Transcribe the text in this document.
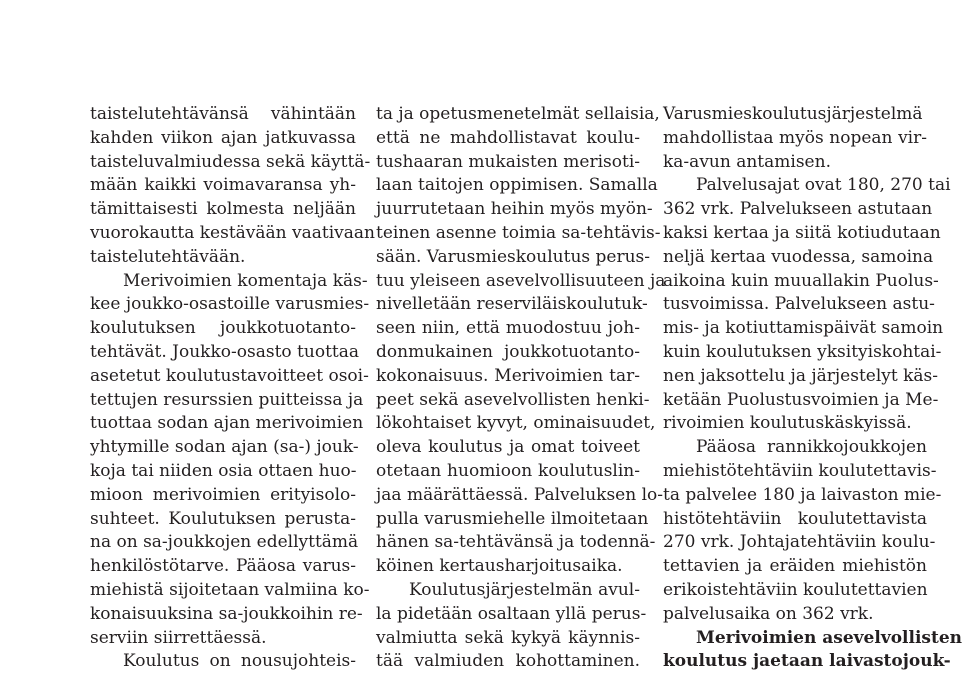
taistelutehtävänsä vähintään
kahden viikon ajan jatkuvassa
taisteluvalmiudessa sekä käyttä-
mään kaikki voimavaransa yh-
tämittaisesti kolmesta neljään
vuorokautta kestävään vaativaan
taistelutehtävään.
Merivoimien komentaja käs-
kee joukko-osastoille varusmies-
koulutuksen joukkotuotanto-
tehtävät. Joukko-osasto tuottaa
asetetut koulutustavoitteet osoi-
tettujen resurssien puitteissa ja
tuottaa sodan ajan merivoimien
yhtymille sodan ajan (sa-) jouk-
koja tai niiden osia ottaen huo-
mioon merivoimien erityisolo-
suhteet. Koulutuksen perusta-
na on sa-joukkojen edellyttämä
henkilöstötarve. Pääosa varus-
miehistä sijoitetaan valmiina ko-
konaisuuksina sa-joukkoihin re-
serviin siirrettäessä.
Koulutus on nousujohteis-
ta ja opetusmenetelmät sellaisia,
että ne mahdollistavat koulu-
tushaaran mukaisten merisoti-
laan taitojen oppimisen. Samalla
juurrutetaan heihin myös myön-
teinen asenne toimia sa-tehtävis-
sään. Varusmieskoulutus perus-
tuu yleiseen asevelvollisuuteen ja
nivelletään reserviläiskoulutuk-
seen niin, että muodostuu joh-
donmukainen joukkotuotanto-
kokonaisuus. Merivoimien tar-
peet sekä asevelvollisten henki-
lökohtaiset kyvyt, ominaisuudet,
oleva koulutus ja omat toiveet
otetaan huomioon koulutuslin-
jaa määrättäessä. Palveluksen lo-
pulla varusmiehelle ilmoitetaan
hänen sa-tehtävänsä ja todennä-
köinen kertausharjoitusaika.
Koulutusjärjestelmän avul-
la pidetään osaltaan yllä perus-
valmiutta sekä kykyä käynnis-
tää valmiuden kohottaminen.
Varusmieskoulutusjärjestelmä
mahdollistaa myös nopean vir-
ka-avun antamisen.
Palvelusajat ovat 180, 270 tai
362 vrk. Palvelukseen astutaan
kaksi kertaa ja siitä kotiudutaan
neljä kertaa vuodessa, samoina
aikoina kuin muuallakin Puolus-
tusvoimissa. Palvelukseen astu-
mis- ja kotiuttamispäivät samoin
kuin koulutuksen yksityiskohtai-
nen jaksottelu ja järjestelyt käs-
ketään Puolustusvoimien ja Me-
rivoimien koulutuskäskyissä.
Pääosa rannikkojoukkojen
miehistötehtäviin koulutettavis-
ta palvelee 180 ja laivaston mie-
histötehtäviin koulutettavista
270 vrk. Johtajatehtäviin koulu-
tettavien ja eräiden miehistön
erikoistehtäviin koulutettavien
palvelusaika on 362 vrk.
Merivoimien asevelvollisten
koulutus jaetaan laivastojouk-
